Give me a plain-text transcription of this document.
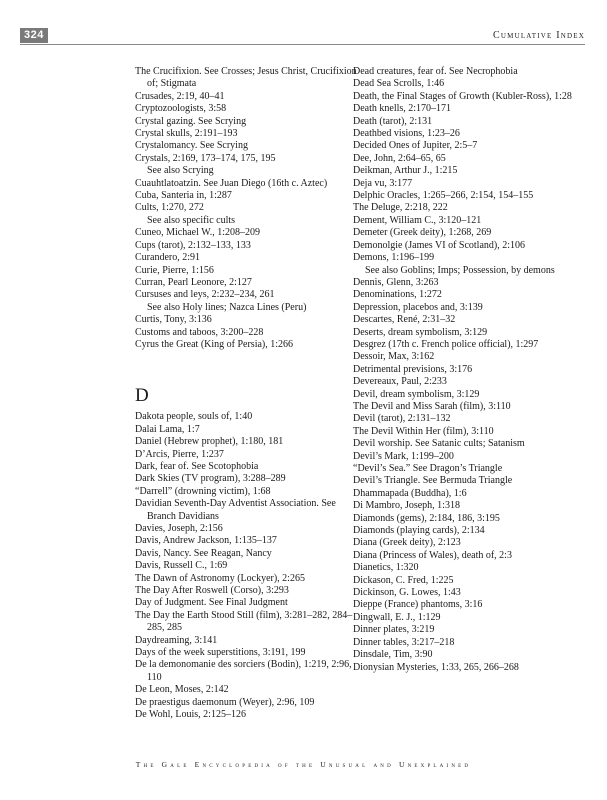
324	Cumulative Index

The Crucifixion. See Crosses; Jesus Christ, Crucifixion of; Stigmata

Crusades, 2:19, 40–41

Cryptozoologists, 3:58

Crystal gazing. See Scrying

Crystal skulls, 2:191–193

Crystalomancy. See Scrying

Crystals, 2:169, 173–174, 175, 195

See also Scrying

Cuauhtlatoatzin. See Juan Diego (16th c. Aztec)

Cuba, Santeria in, 1:287

Cults, 1:270, 272

See also specific cults

Cuneo, Michael W., 1:208–209

Cups (tarot), 2:132–133, 133

Curandero, 2:91

Curie, Pierre, 1:156

Curran, Pearl Leonore, 2:127

Cursuses and leys, 2:232–234, 261

See also Holy lines; Nazca Lines (Peru)

Curtis, Tony, 3:136

Customs and taboos, 3:200–228

Cyrus the Great (King of Persia), 1:266

D

Dakota people, souls of, 1:40

Dalai Lama, 1:7

Daniel (Hebrew prophet), 1:180, 181

D’Arcis, Pierre, 1:237

Dark, fear of. See Scotophobia

Dark Skies (TV program), 3:288–289

“Darrell” (drowning victim), 1:68

Davidian Seventh-Day Adventist Association. See Branch Davidians

Davies, Joseph, 2:156

Davis, Andrew Jackson, 1:135–137

Davis, Nancy. See Reagan, Nancy

Davis, Russell C., 1:69

The Dawn of Astronomy (Lockyer), 2:265

The Day After Roswell (Corso), 3:293

Day of Judgment. See Final Judgment

The Day the Earth Stood Still (film), 3:281–282, 284–285, 285

Daydreaming, 3:141

Days of the week superstitions, 3:191, 199

De la demonomanie des sorciers (Bodin), 1:219, 2:96, 110

De Leon, Moses, 2:142

De praestigus daemonum (Weyer), 2:96, 109

De Wohl, Louis, 2:125–126

Dead creatures, fear of. See Necrophobia

Dead Sea Scrolls, 1:46

Death, the Final Stages of Growth (Kubler-Ross), 1:28

Death knells, 2:170–171

Death (tarot), 2:131

Deathbed visions, 1:23–26

Decided Ones of Jupiter, 2:5–7

Dee, John, 2:64–65, 65

Deikman, Arthur J., 1:215

Deja vu, 3:177

Delphic Oracles, 1:265–266, 2:154, 154–155

The Deluge, 2:218, 222

Dement, William C., 3:120–121

Demeter (Greek deity), 1:268, 269

Demonolgie (James VI of Scotland), 2:106

Demons, 1:196–199

See also Goblins; Imps; Possession, by demons

Dennis, Glenn, 3:263

Denominations, 1:272

Depression, placebos and, 3:139

Descartes, René, 2:31–32

Deserts, dream symbolism, 3:129

Desgrez (17th c. French police official), 1:297

Dessoir, Max, 3:162

Detrimental previsions, 3:176

Devereaux, Paul, 2:233

Devil, dream symbolism, 3:129

The Devil and Miss Sarah (film), 3:110

Devil (tarot), 2:131–132

The Devil Within Her (film), 3:110

Devil worship. See Satanic cults; Satanism

Devil’s Mark, 1:199–200

“Devil’s Sea.” See Dragon’s Triangle

Devil’s Triangle. See Bermuda Triangle

Dhammapada (Buddha), 1:6

Di Mambro, Joseph, 1:318

Diamonds (gems), 2:184, 186, 3:195

Diamonds (playing cards), 2:134

Diana (Greek deity), 2:123

Diana (Princess of Wales), death of, 2:3

Dianetics, 1:320

Dickason, C. Fred, 1:225

Dickinson, G. Lowes, 1:43

Dieppe (France) phantoms, 3:16

Dingwall, E. J., 1:129

Dinner plates, 3:219

Dinner tables, 3:217–218

Dinsdale, Tim, 3:90

Dionysian Mysteries, 1:33, 265, 266–268

The Gale Encyclopedia of the Unusual and Unexplained
